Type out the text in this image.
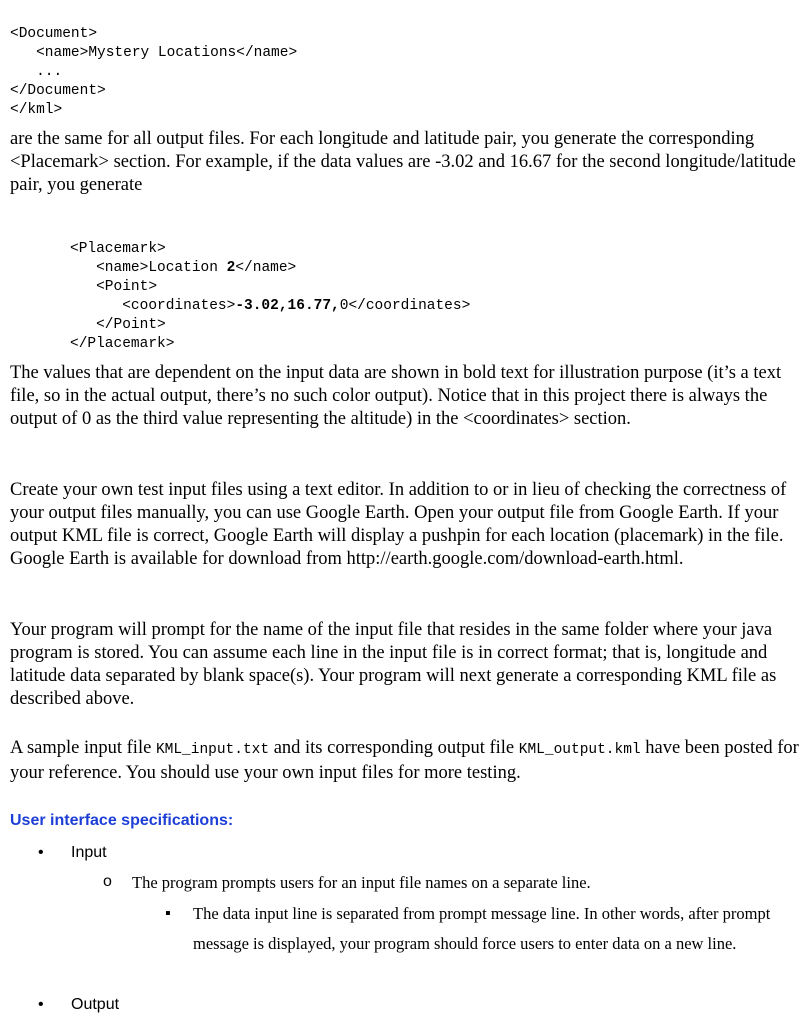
<Document>
<name>Mystery Locations</name>
...
</Document>
</kml>

are the same for all output files. For each longitude and latitude pair, you generate the corresponding <Placemark> section. For example, if the data values are -3.02 and 16.67 for the second longitude/latitude pair, you generate

<Placemark>
<name>Location 2</name>
<Point>
<coordinates>-3.02,16.77,0</coordinates>
</Point>
</Placemark>

The values that are dependent on the input data are shown in bold text for illustration purpose (it’s a text file, so in the actual output, there’s no such color output). Notice that in this project there is always the output of 0 as the third value representing the altitude) in the <coordinates> section.

Create your own test input files using a text editor. In addition to or in lieu of checking the correctness of your output files manually, you can use Google Earth. Open your output file from Google Earth. If your output KML file is correct, Google Earth will display a pushpin for each location (placemark) in the file. Google Earth is available for download from http://earth.google.com/download-earth.html.

Your program will prompt for the name of the input file that resides in the same folder where your java program is stored. You can assume each line in the input file is in correct format; that is, longitude and latitude data separated by blank space(s). Your program will next generate a corresponding KML file as described above.

A sample input file KML_input.txt and its corresponding output file KML_output.kml have been posted for your reference. You should use your own input files for more testing.

User interface specifications:
• Input
o The program prompts users for an input file names on a separate line.
▪ The data input line is separated from prompt message line. In other words, after prompt message is displayed, your program should force users to enter data on a new line.
• Output
